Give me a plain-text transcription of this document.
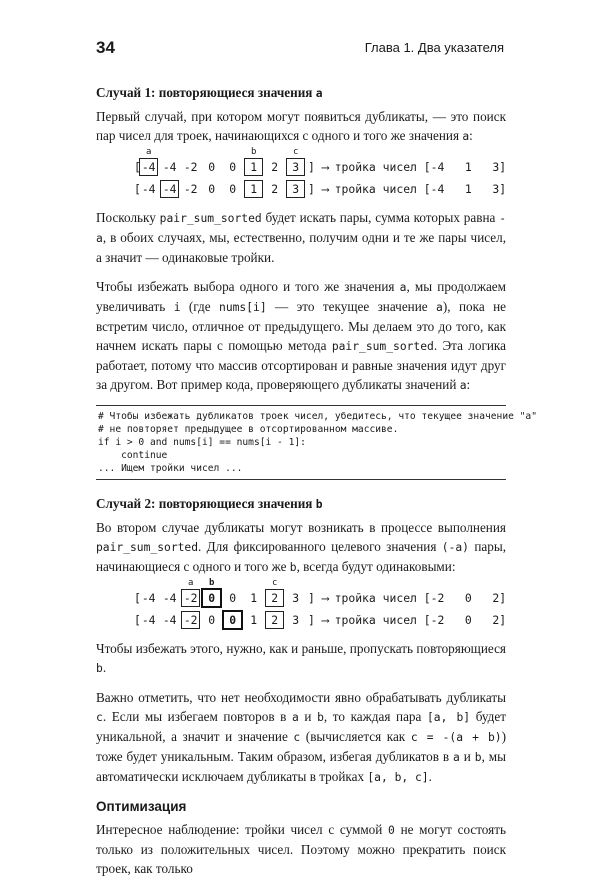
34	Глава 1. Два указателя
Случай 1: повторяющиеся значения a

Первый случай, при котором могут появиться дубликаты, — это поиск пар чисел для троек, начинающихся с одного и того же значения a:

[ -4
a
-4 -2 0	0	1
b
2	3
c
] ⟶ тройка чисел [-4   1   3]
[ -4 -4 -2 0	0	1	2	3 ] ⟶ тройка чисел [-4   1   3]

Поскольку pair_sum_sorted будет искать пары, сумма которых равна -a, в обоих случаях, мы, естественно, получим одни и те же пары чисел, а значит — одинаковые тройки.

Чтобы избежать выбора одного и того же значения a, мы продолжаем увеличивать i (где nums[i] — это текущее значение a), пока не встретим число, отличное от предыдущего. Мы делаем это до того, как начнем искать пары с помощью метода pair_sum_sorted. Эта логика работает, потому что массив отсортирован и равные значения идут друг за другом. Вот пример кода, проверяющего дубликаты значений a:

# Чтобы избежать дубликатов троек чисел, убедитесь, что текущее значение "a"
# не повторяет предыдущее в отсортированном массиве.
if i > 0 and nums[i] == nums[i - 1]:
continue
... Ищем тройки чисел ...
Случай 2: повторяющиеся значения b

Во втором случае дубликаты могут возникать в процессе выполнения pair_sum_sorted. Для фиксированного целевого значения (-a) пары, начинающиеся с одного и того же b, всегда будут одинаковыми:

[ -4 -4 -2
a
0
b
0	1	2
c
3 ] ⟶ тройка чисел [-2   0   2]
[ -4 -4 -2 0	0	1	2	3 ] ⟶ тройка чисел [-2   0   2]

Чтобы избежать этого, нужно, как и раньше, пропускать повторяющиеся b.

Важно отметить, что нет необходимости явно обрабатывать дубликаты c. Если мы избегаем повторов в a и b, то каждая пара [a, b] будет уникальной, а значит и значение c (вычисляется как c = -(a + b)) тоже будет уникальным. Таким образом, избегая дубликатов в a и b, мы автоматически исключаем дубликаты в тройках [a, b, c].

Оптимизация

Интересное наблюдение: тройки чисел с суммой 0 не могут состоять только из положительных чисел. Поэтому можно прекратить поиск троек, как только
